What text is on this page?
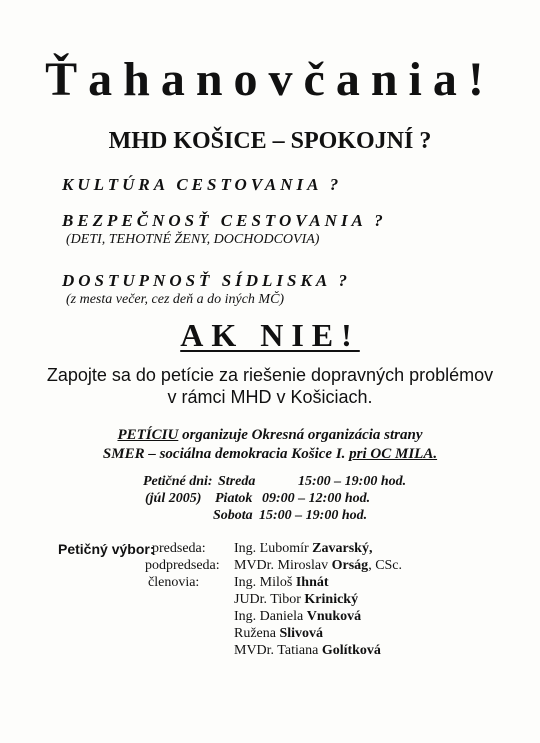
Ťahanovčania!
MHD KOŠICE – SPOKOJNÍ ?
KULTÚRA CESTOVANIA ?
BEZPEČNOSŤ CESTOVANIA ?
(DETI, TEHOTNÉ ŽENY, DOCHODCOVIA)
DOSTUPNOSŤ SÍDLISKA ?
(z mesta večer, cez deň a do iných MČ)
AK NIE!
Zapojte sa do petície za riešenie dopravných problémov
v rámci MHD v Košiciach.
PETÍCIU organizuje Okresná organizácia strany
SMER – sociálna demokracia Košice I. pri OC MILA.
Petičné dni:
(júl 2005)
Streda	15:00 – 19:00 hod.
Piatok 09:00 – 12:00 hod.
Sobota 15:00 – 19:00 hod.
Petičný výbor:
predseda:
podpredseda:
členovia:
Ing. Ľubomír Zavarský,
MVDr. Miroslav Orság, CSc.
Ing. Miloš Ihnát
JUDr. Tibor Krinický
Ing. Daniela Vnuková
Ružena Slivová
MVDr. Tatiana Golítková
